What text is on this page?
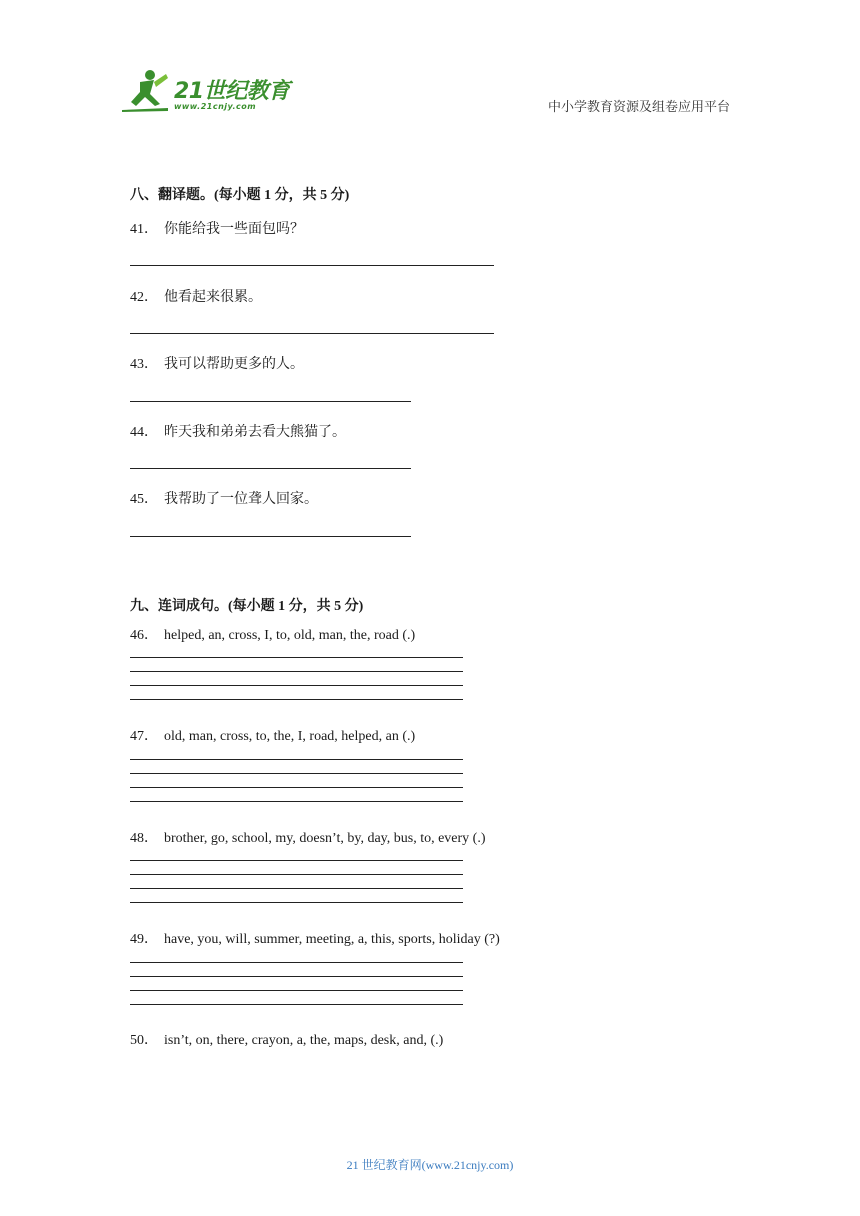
21世纪教育
www.21cnjy.com	中小学教育资源及组卷应用平台
八、翻译题。(每小题 1 分，共 5 分)
41． 你能给我一些面包吗？
42． 他看起来很累。
43． 我可以帮助更多的人。
44． 昨天我和弟弟去看大熊猫了。
45． 我帮助了一位聋人回家。
九、连词成句。(每小题 1 分，共 5 分)
46． helped, an, cross, I, to, old, man, the, road (.)
47． old, man, cross, to, the, I, road, helped, an (.)
48． brother, go, school, my, doesn’t, by, day, bus, to, every (.)
49． have, you, will, summer, meeting, a, this, sports, holiday (?)
50． isn’t, on, there, crayon, a, the, maps, desk, and, (.)
21 世纪教育网(www.21cnjy.com)
